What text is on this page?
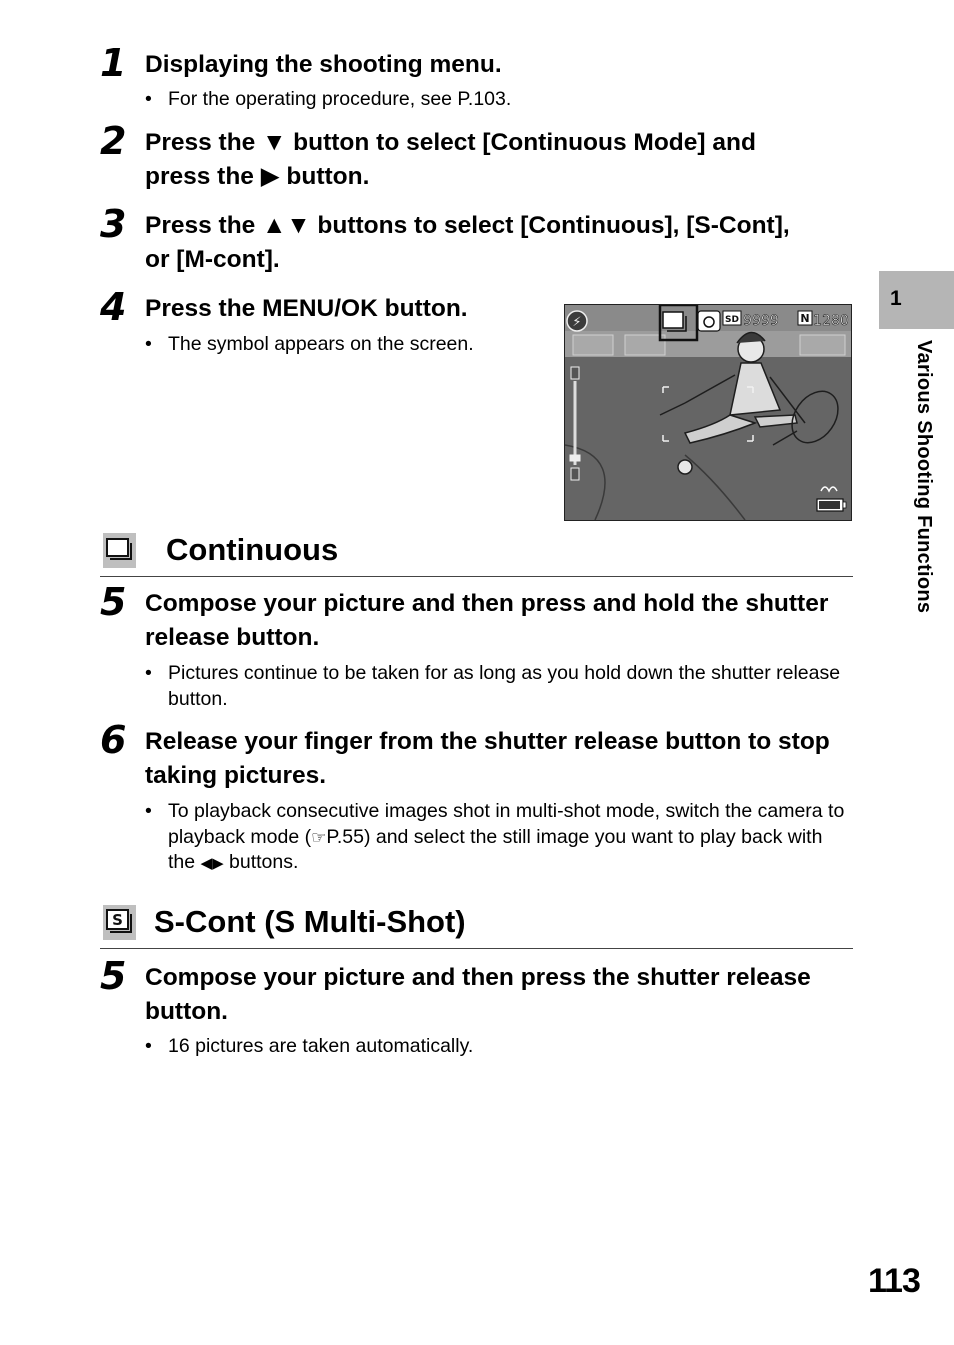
1 Displaying the shooting menu.
• For the operating procedure, see P.103.
2 Press the ▼ button to select [Continuous Mode] and
press the ▶ button.
3 Press the ▲▼ buttons to select [Continuous], [S-Cont],
or [M-cont].
4 Press the MENU/OK button.
• The symbol appears on the screen.
⚡	SD 9999 N 1280
Continuous
5 Compose your picture and then press and hold the shutter release button.
• Pictures continue to be taken for as long as you hold down the shutter release button.
6 Release your finger from the shutter release button to stop taking pictures.
• To playback consecutive images shot in multi-shot mode, switch the camera to playback mode (☞P.55) and select the still image you want to play back with the ◀▶ buttons.
S S-Cont (S Multi-Shot)
5 Compose your picture and then press the shutter release button.
• 16 pictures are taken automatically.
1
Various Shooting Functions
113
